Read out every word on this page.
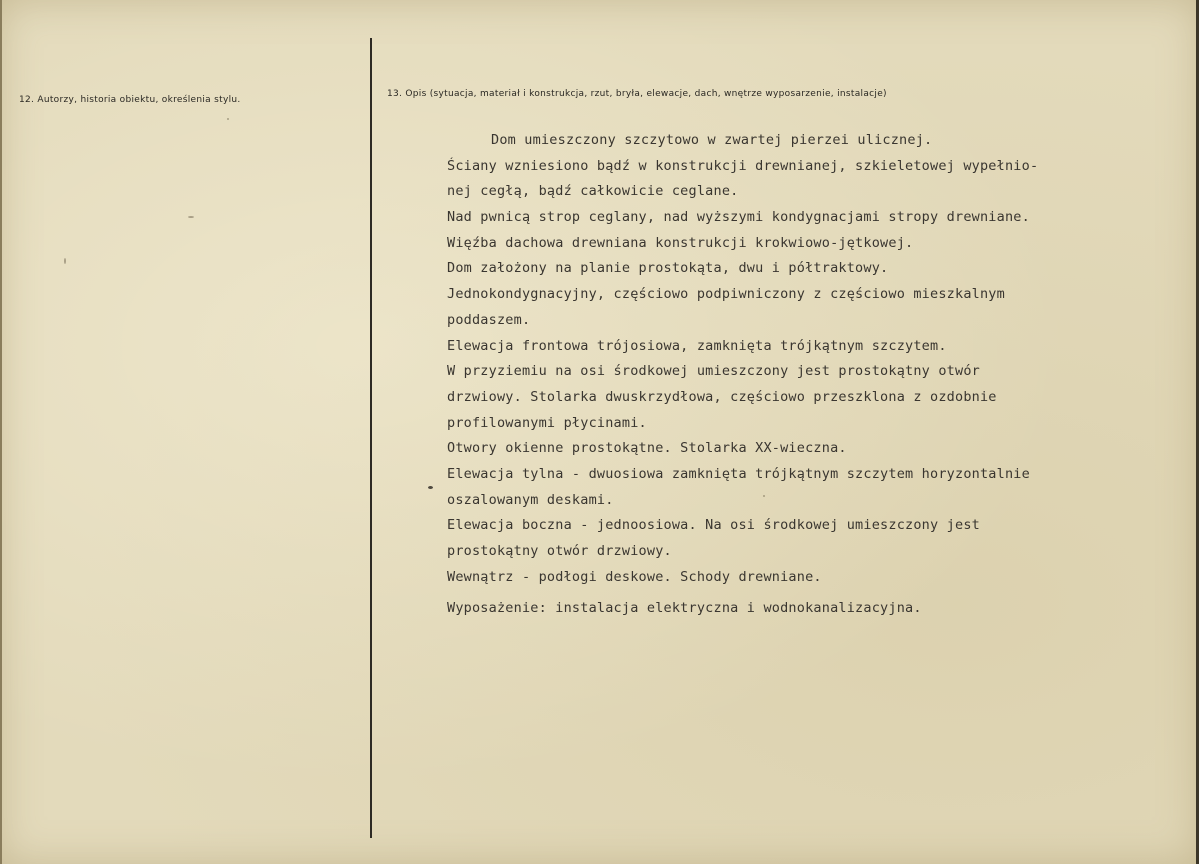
12. Autorzy, historia obiektu, określenia stylu.
13. Opis (sytuacja, materiał i konstrukcja, rzut, bryła, elewacje, dach, wnętrze wyposarzenie, instalacje)
Dom umieszczony szczytowo w zwartej pierzei ulicznej.
Ściany wzniesiono bądź w konstrukcji drewnianej, szkieletowej wypełnio-
nej cegłą, bądź całkowicie ceglane.
Nad pwnicą strop ceglany, nad wyższymi kondygnacjami stropy drewniane.
Więźba dachowa drewniana konstrukcji krokwiowo-jętkowej.
Dom założony na planie prostokąta, dwu i półtraktowy.
Jednokondygnacyjny, częściowo podpiwniczony z częściowo mieszkalnym
poddaszem.
Elewacja frontowa trójosiowa, zamknięta trójkątnym szczytem.
W przyziemiu na osi środkowej umieszczony jest prostokątny otwór
drzwiowy. Stolarka dwuskrzydłowa, częściowo przeszklona z ozdobnie
profilowanymi płycinami.
Otwory okienne prostokątne. Stolarka XX-wieczna.
Elewacja tylna - dwuosiowa zamknięta trójkątnym szczytem horyzontalnie
oszalowanym deskami.
Elewacja boczna - jednoosiowa. Na osi środkowej umieszczony jest
prostokątny otwór drzwiowy.
Wewnątrz - podłogi deskowe. Schody drewniane.
Wyposażenie: instalacja elektryczna i wodnokanalizacyjna.
